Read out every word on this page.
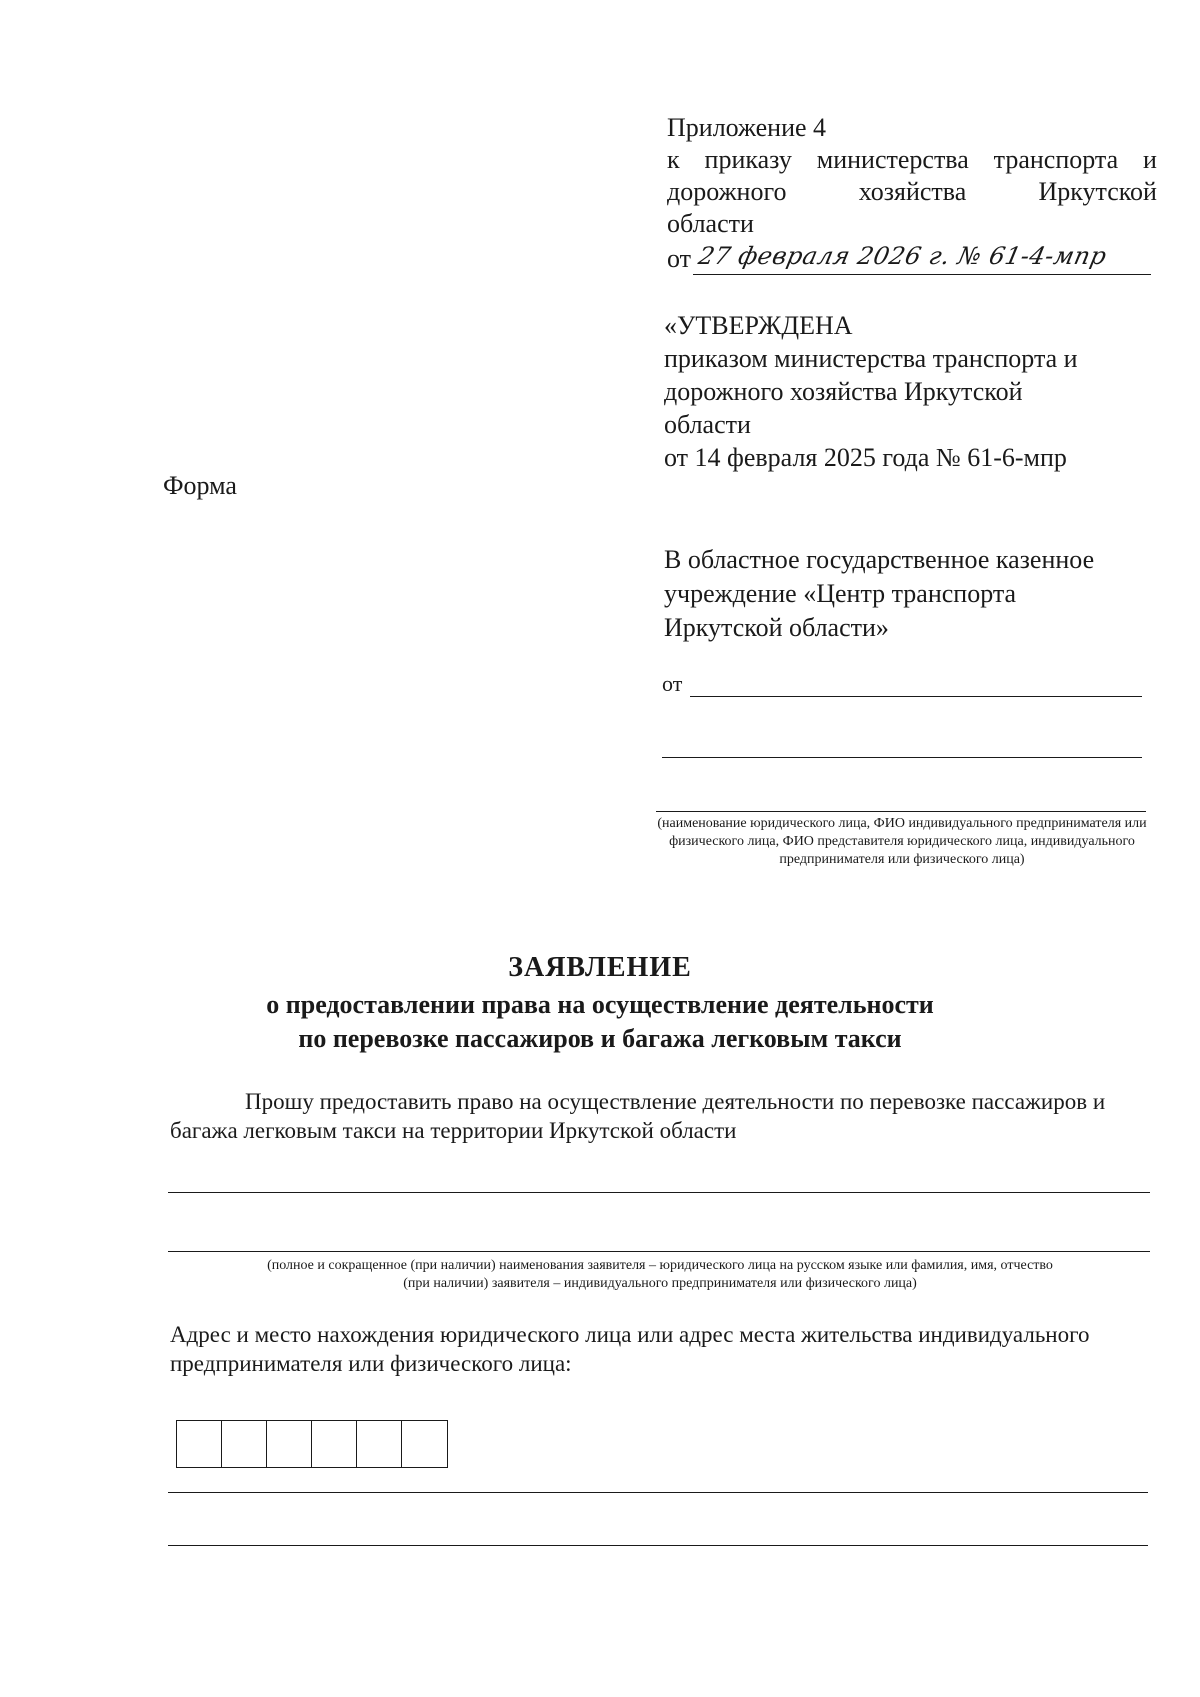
Приложение 4
к приказу министерства транспорта и
дорожного	хозяйства	Иркутской
области
от 27 февраля 2026 г. № 61-4-мпр
«УТВЕРЖДЕНА
приказом министерства транспорта и
дорожного хозяйства Иркутской
области
от 14 февраля 2025 года № 61-6-мпр
Форма
В областное государственное казенное
учреждение «Центр транспорта
Иркутской области»
от
(наименование юридического лица, ФИО индивидуального предпринимателя или физического лица, ФИО представителя юридического лица, индивидуального предпринимателя или физического лица)
ЗАЯВЛЕНИЕ
о предоставлении права на осуществление деятельности
по перевозке пассажиров и багажа легковым такси
Прошу предоставить право на осуществление деятельности по перевозке пассажиров и
багажа легковым такси на территории Иркутской области
(полное и сокращенное (при наличии) наименования заявителя – юридического лица на русском языке или фамилия, имя, отчество
(при наличии) заявителя – индивидуального предпринимателя или физического лица)
Адрес и место нахождения юридического лица или адрес места жительства индивидуального
предпринимателя или физического лица:
